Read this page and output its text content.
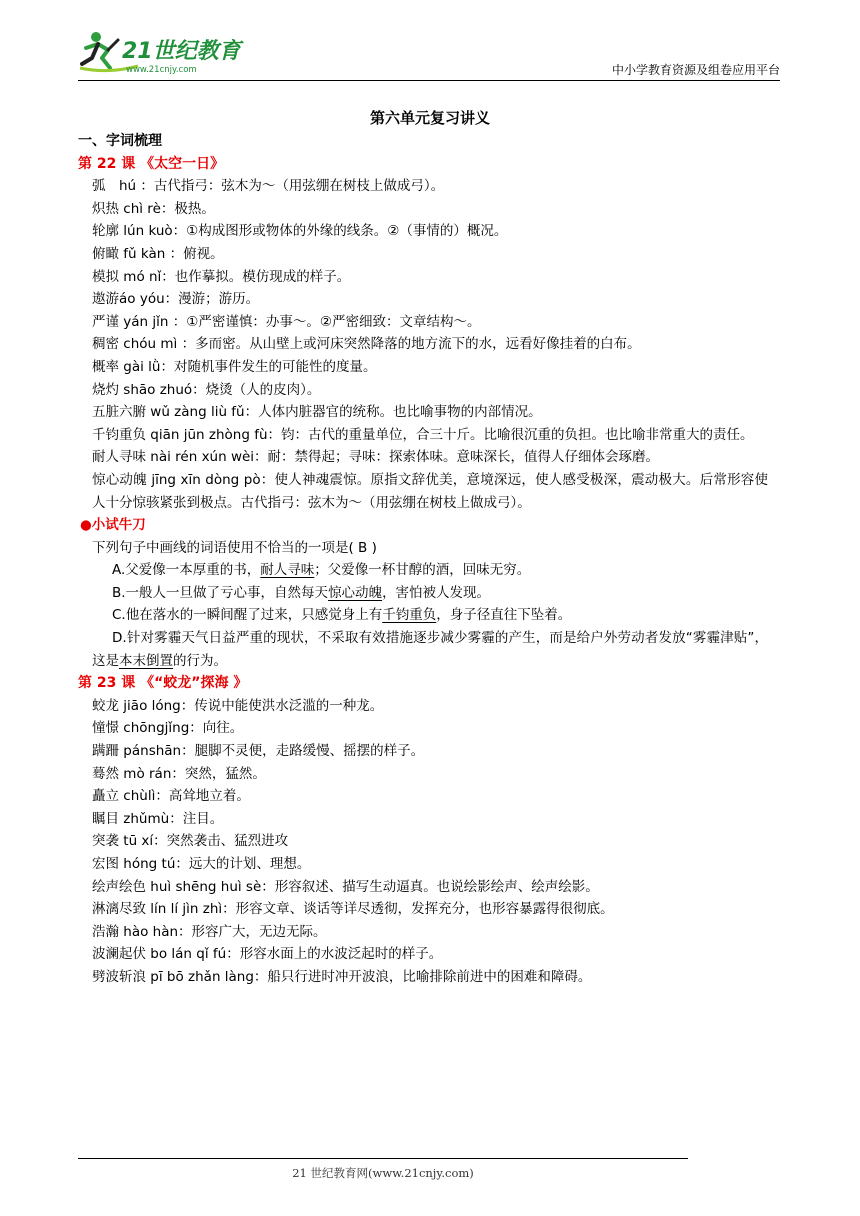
21世纪教育
www.21cnjy.com	中小学教育资源及组卷应用平台
第六单元复习讲义
一、字词梳理
第 22 课 《太空一日》
弧　hú ：古代指弓：弦木为～（用弦绷在树枝上做成弓）。
炽热 chì rè：极热。
轮廓 lún kuò：①构成图形或物体的外缘的线条。②（事情的）概况。
俯瞰 fǔ kàn ：俯视。
模拟 mó nǐ：也作摹拟。模仿现成的样子。
遨游áo yóu：漫游；游历。
严谨 yán jǐn ：①严密谨慎：办事～。②严密细致：文章结构～。
稠密 chóu mì ：多而密。从山壁上或河床突然降落的地方流下的水，远看好像挂着的白布。
概率 gài lǜ：对随机事件发生的可能性的度量。
烧灼 shāo zhuó：烧烫（人的皮肉）。
五脏六腑 wǔ zàng liù fǔ：人体内脏器官的统称。也比喻事物的内部情况。
千钧重负 qiān jūn zhòng fù：钧：古代的重量单位，合三十斤。比喻很沉重的负担。也比喻非常重大的责任。
耐人寻味 nài rén xún wèi：耐：禁得起；寻味：探索体味。意味深长，值得人仔细体会琢磨。
惊心动魄 jīng xīn dòng pò：使人神魂震惊。原指文辞优美，意境深远，使人感受极深，震动极大。后常形容使人十分惊骇紧张到极点。古代指弓：弦木为～（用弦绷在树枝上做成弓）。
●小试牛刀
下列句子中画线的词语使用不恰当的一项是( B )
A.父爱像一本厚重的书，耐人寻味；父爱像一杯甘醇的酒，回味无穷。
B.一般人一旦做了亏心事，自然每天惊心动魄，害怕被人发现。
C.他在落水的一瞬间醒了过来，只感觉身上有千钧重负，身子径直往下坠着。
D.针对雾霾天气日益严重的现状，不采取有效措施逐步减少雾霾的产生，而是给户外劳动者发放“雾霾津贴”，这是本末倒置的行为。
第 23 课 《“蛟龙”探海 》
蛟龙 jiāo lóng：传说中能使洪水泛滥的一种龙。
憧憬 chōngjǐng：向往。
蹒跚 pánshān：腿脚不灵便，走路缓慢、摇摆的样子。
蓦然 mò rán：突然，猛然。
矗立 chùlì：高耸地立着。
瞩目 zhǔmù：注目。
突袭 tū xí：突然袭击、猛烈进攻
宏图 hóng tú：远大的计划、理想。
绘声绘色 huì shēng huì sè：形容叙述、描写生动逼真。也说绘影绘声、绘声绘影。
淋漓尽致 lín lí jìn zhì：形容文章、谈话等详尽透彻，发挥充分，也形容暴露得很彻底。
浩瀚 hào hàn：形容广大，无边无际。
波澜起伏 bo lán qǐ fú：形容水面上的水波泛起时的样子。
劈波斩浪 pī bō zhǎn làng：船只行进时冲开波浪，比喻排除前进中的困难和障碍。
21 世纪教育网(www.21cnjy.com)
